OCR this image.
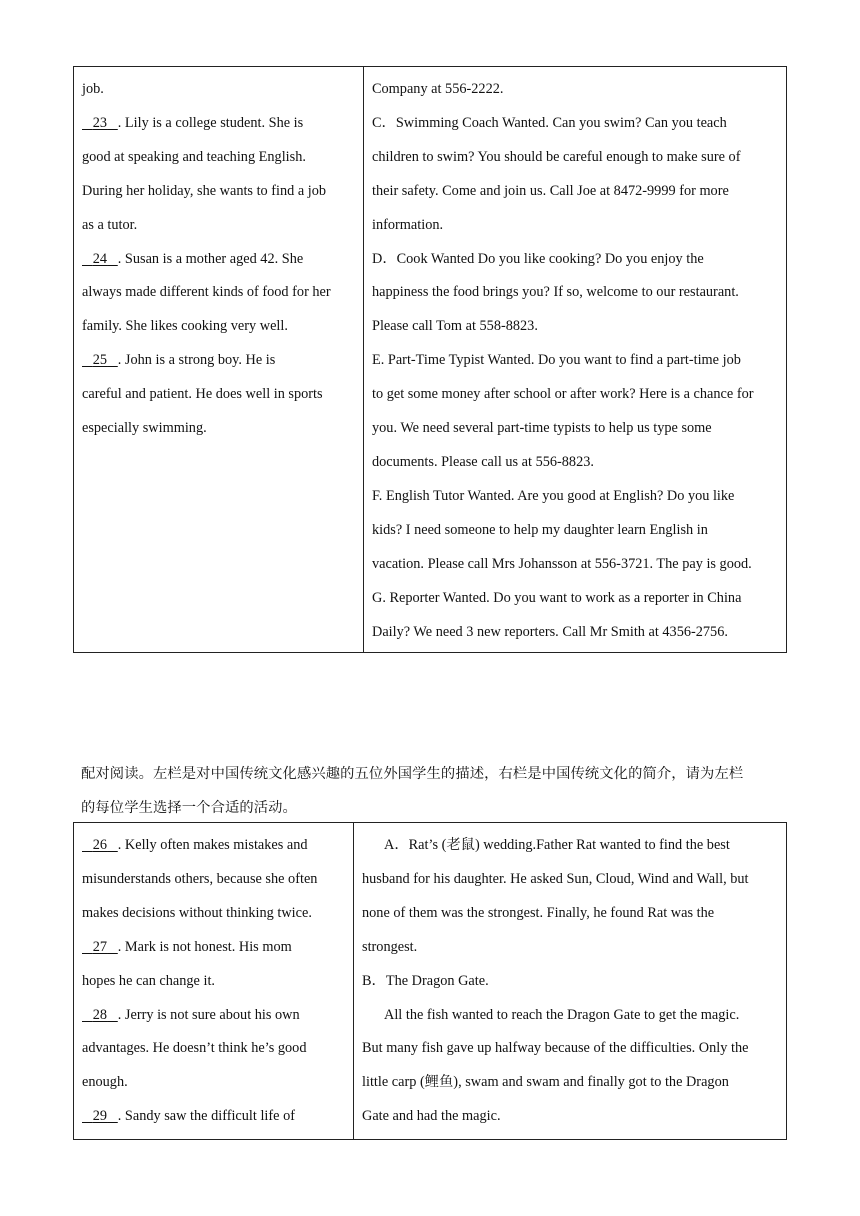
job.
23 . Lily is a college student. She is
good at speaking and teaching English.
During her holiday, she wants to find a job
as a tutor.
24 . Susan is a mother aged 42. She
always made different kinds of food for her
family. She likes cooking very well.
25 . John is a strong boy. He is
careful and patient. He does well in sports
especially swimming.

Company at 556-2222.
C．Swimming Coach Wanted. Can you swim? Can you teach
children to swim? You should be careful enough to make sure of
their safety. Come and join us. Call Joe at 8472-9999 for more
information.
D．Cook Wanted Do you like cooking? Do you enjoy the
happiness the food brings you? If so, welcome to our restaurant.
Please call Tom at 558-8823.
E. Part-Time Typist Wanted. Do you want to find a part-time job
to get some money after school or after work? Here is a chance for
you. We need several part-time typists to help us type some
documents. Please call us at 556-8823.
F. English Tutor Wanted. Are you good at English? Do you like
kids? I need someone to help my daughter learn English in
vacation. Please call Mrs Johansson at 556-3721. The pay is good.
G. Reporter Wanted. Do you want to work as a reporter in China
Daily? We need 3 new reporters. Call Mr Smith at 4356-2756.
配对阅读。左栏是对中国传统文化感兴趣的五位外国学生的描述，右栏是中国传统文化的简介，请为左栏
的每位学生选择一个合适的活动。
26 . Kelly often makes mistakes and
misunderstands others, because she often
makes decisions without thinking twice.
27 . Mark is not honest. His mom
hopes he can change it.
28 . Jerry is not sure about his own
advantages. He doesn’t think he’s good
enough.
29 . Sandy saw the difficult life of

A．Rat’s (老鼠) wedding.Father Rat wanted to find the best
husband for his daughter. He asked Sun, Cloud, Wind and Wall, but
none of them was the strongest. Finally, he found Rat was the
strongest.
B．The Dragon Gate.
All the fish wanted to reach the Dragon Gate to get the magic.
But many fish gave up halfway because of the difficulties. Only the
little carp (鲤鱼), swam and swam and finally got to the Dragon
Gate and had the magic.
